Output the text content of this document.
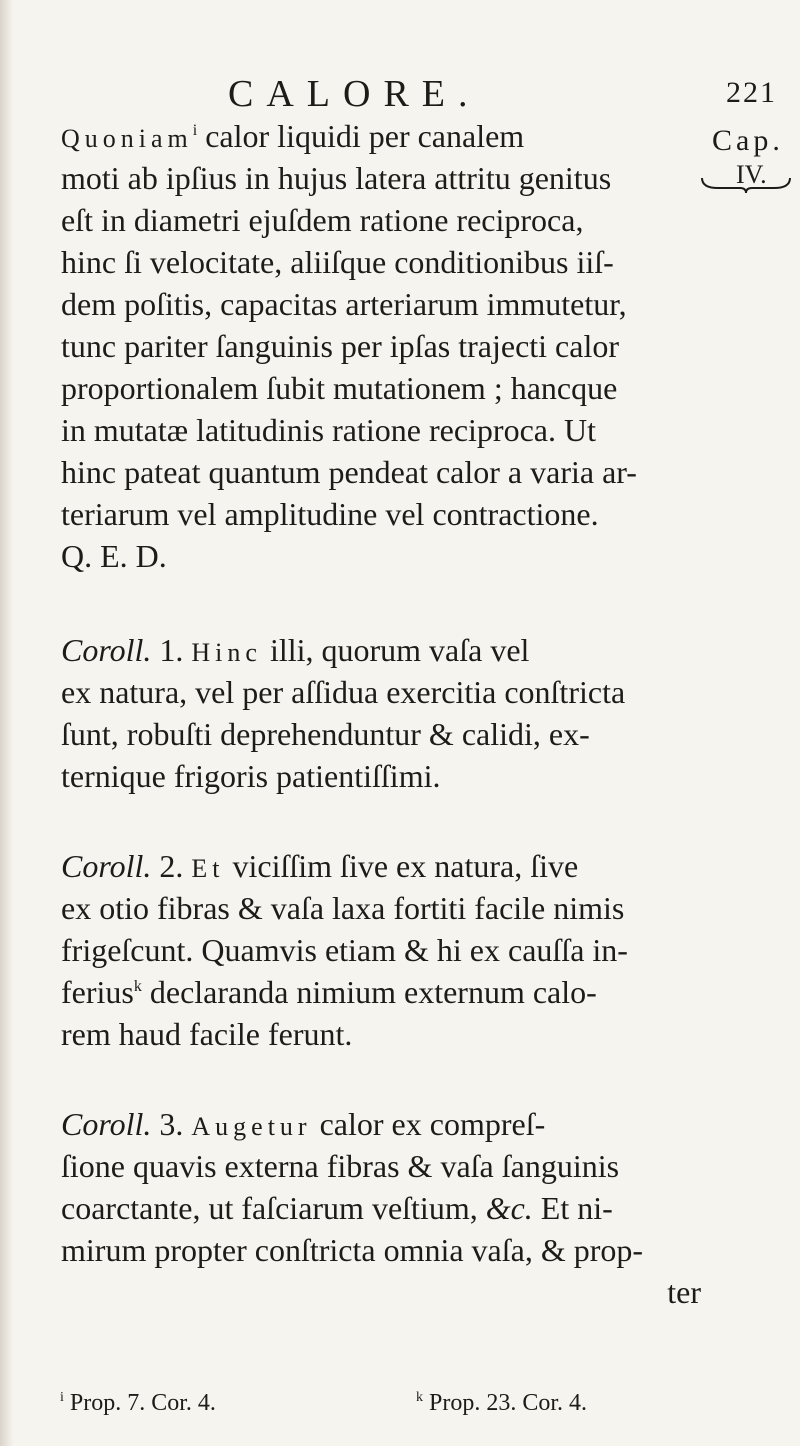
CALORE.	221
Cap.
IV.
Quoniam$^i$ calor liquidi per canalem
moti ab ipſius in hujus latera attritu genitus
eſt in diametri ejuſdem ratione reciproca,
hinc ſi velocitate, aliiſque conditionibus iiſ-
dem poſitis, capacitas arteriarum immutetur,
tunc pariter ſanguinis per ipſas trajecti calor
proportionalem ſubit mutationem ; hancque
in mutatæ latitudinis ratione reciproca. Ut
hinc pateat quantum pendeat calor a varia ar-
teriarum vel amplitudine vel contractione.
Q. E. D.
Coroll. 1. Hinc illi, quorum vaſa vel
ex natura, vel per aſſidua exercitia conſtricta
ſunt, robuſti deprehenduntur & calidi, ex-
ternique frigoris patientiſſimi.
Coroll. 2. Et viciſſim ſive ex natura, ſive
ex otio fibras & vaſa laxa fortiti facile nimis
frigeſcunt. Quamvis etiam & hi ex cauſſa in-
ferius$^k$ declaranda nimium externum calo-
rem haud facile ferunt.
Coroll. 3. Augetur calor ex compreſ-
ſione quavis externa fibras & vaſa ſanguinis
coarctante, ut faſciarum veſtium, &c. Et ni-
mirum propter conſtricta omnia vaſa, & prop-
ter
$^i$ Prop. 7. Cor. 4.	$^k$ Prop. 23. Cor. 4.
